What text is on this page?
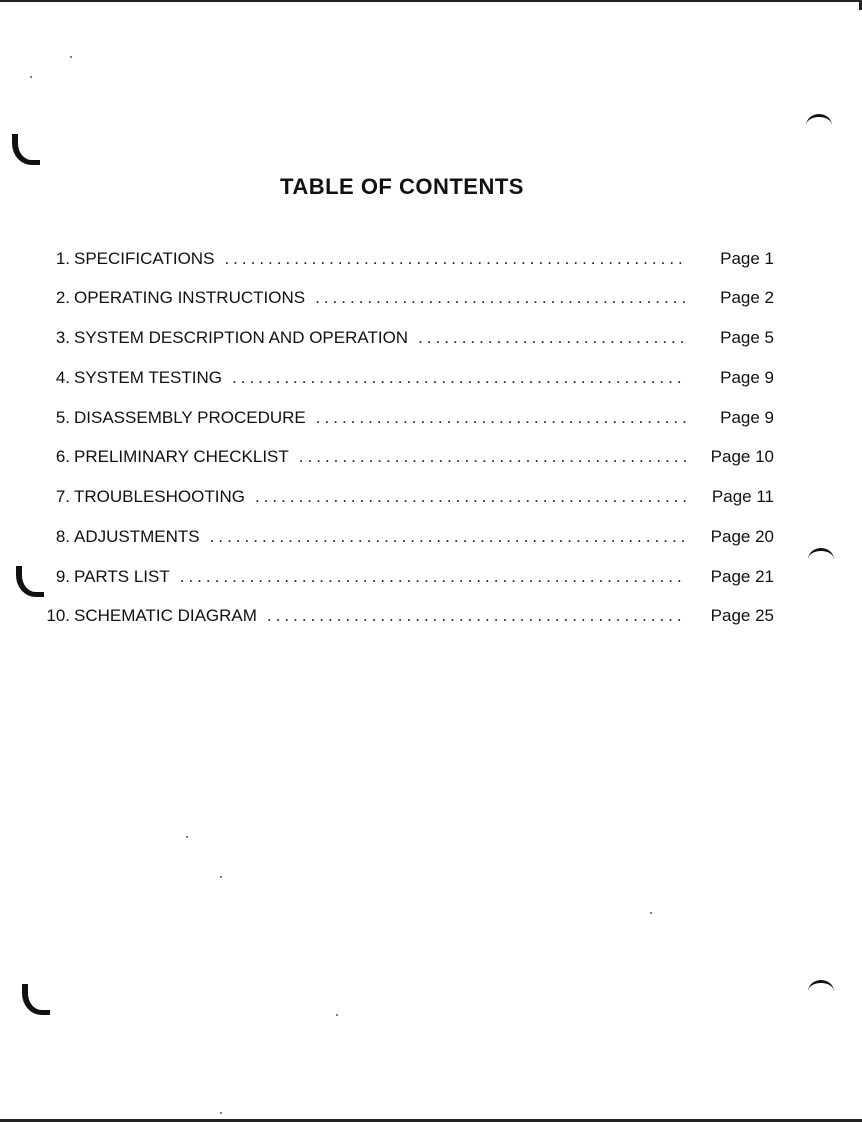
TABLE OF CONTENTS
1. SPECIFICATIONS .....	Page 1
2. OPERATING INSTRUCTIONS .....	Page 2
3. SYSTEM DESCRIPTION AND OPERATION .....	Page 5
4. SYSTEM TESTING .....	Page 9
5. DISASSEMBLY PROCEDURE .....	Page 9
6. PRELIMINARY CHECKLIST .....	Page 10
7. TROUBLESHOOTING .....	Page 11
8. ADJUSTMENTS .....	Page 20
9. PARTS LIST .....	Page 21
10. SCHEMATIC DIAGRAM .....	Page 25
